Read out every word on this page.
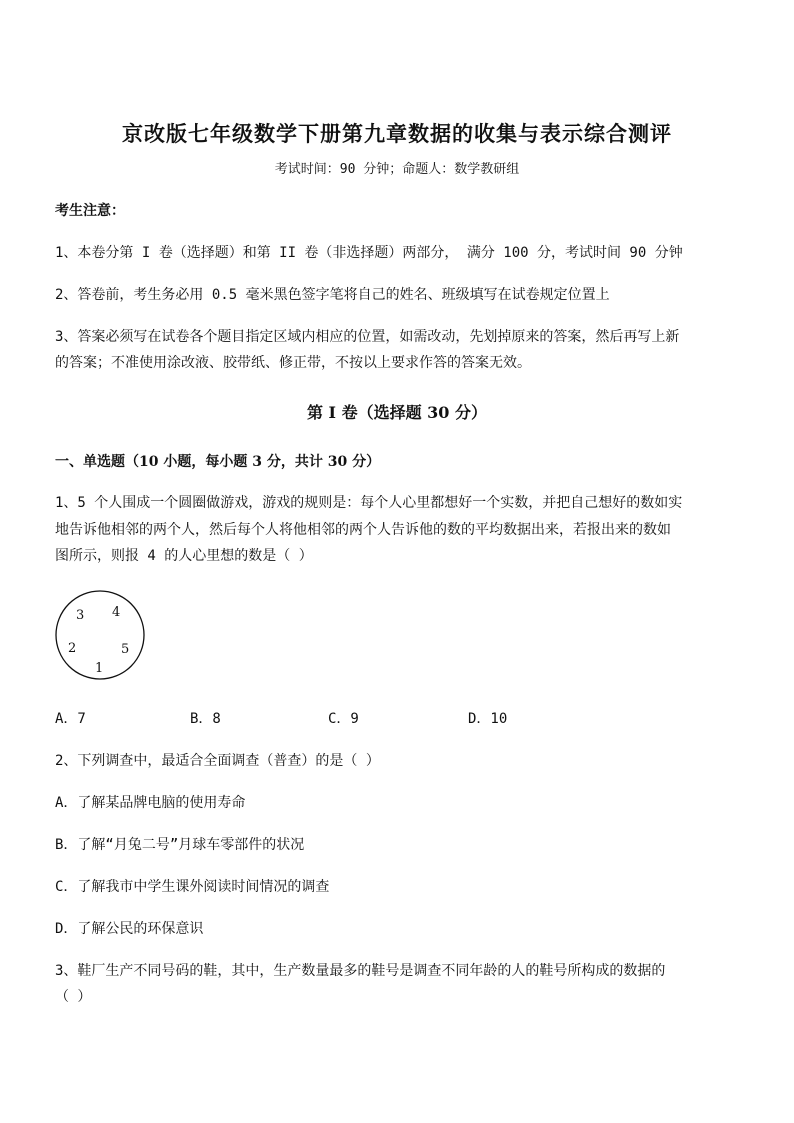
京改版七年级数学下册第九章数据的收集与表示综合测评
考试时间：90 分钟；命题人：数学教研组
考生注意：
1、本卷分第 I 卷（选择题）和第 II 卷（非选择题）两部分， 满分 100 分，考试时间 90 分钟
2、答卷前，考生务必用 0.5 毫米黑色签字笔将自己的姓名、班级填写在试卷规定位置上
3、答案必须写在试卷各个题目指定区域内相应的位置，如需改动，先划掉原来的答案，然后再写上新
的答案；不准使用涂改液、胶带纸、修正带，不按以上要求作答的答案无效。
第 I 卷（选择题 30 分）
一、单选题（10 小题，每小题 3 分，共计 30 分）
1、5 个人围成一个圆圈做游戏，游戏的规则是：每个人心里都想好一个实数，并把自己想好的数如实
地告诉他相邻的两个人，然后每个人将他相邻的两个人告诉他的数的平均数据出来，若报出来的数如
图所示，则报 4 的人心里想的数是（ ）
3 4
2	5
1
A．7	B．8	C．9	D．10
2、下列调查中，最适合全面调查（普查）的是（ ）
A．了解某品牌电脑的使用寿命
B．了解“月兔二号”月球车零部件的状况
C．了解我市中学生课外阅读时间情况的调查
D．了解公民的环保意识
3、鞋厂生产不同号码的鞋，其中，生产数量最多的鞋号是调查不同年龄的人的鞋号所构成的数据的
（ ）
